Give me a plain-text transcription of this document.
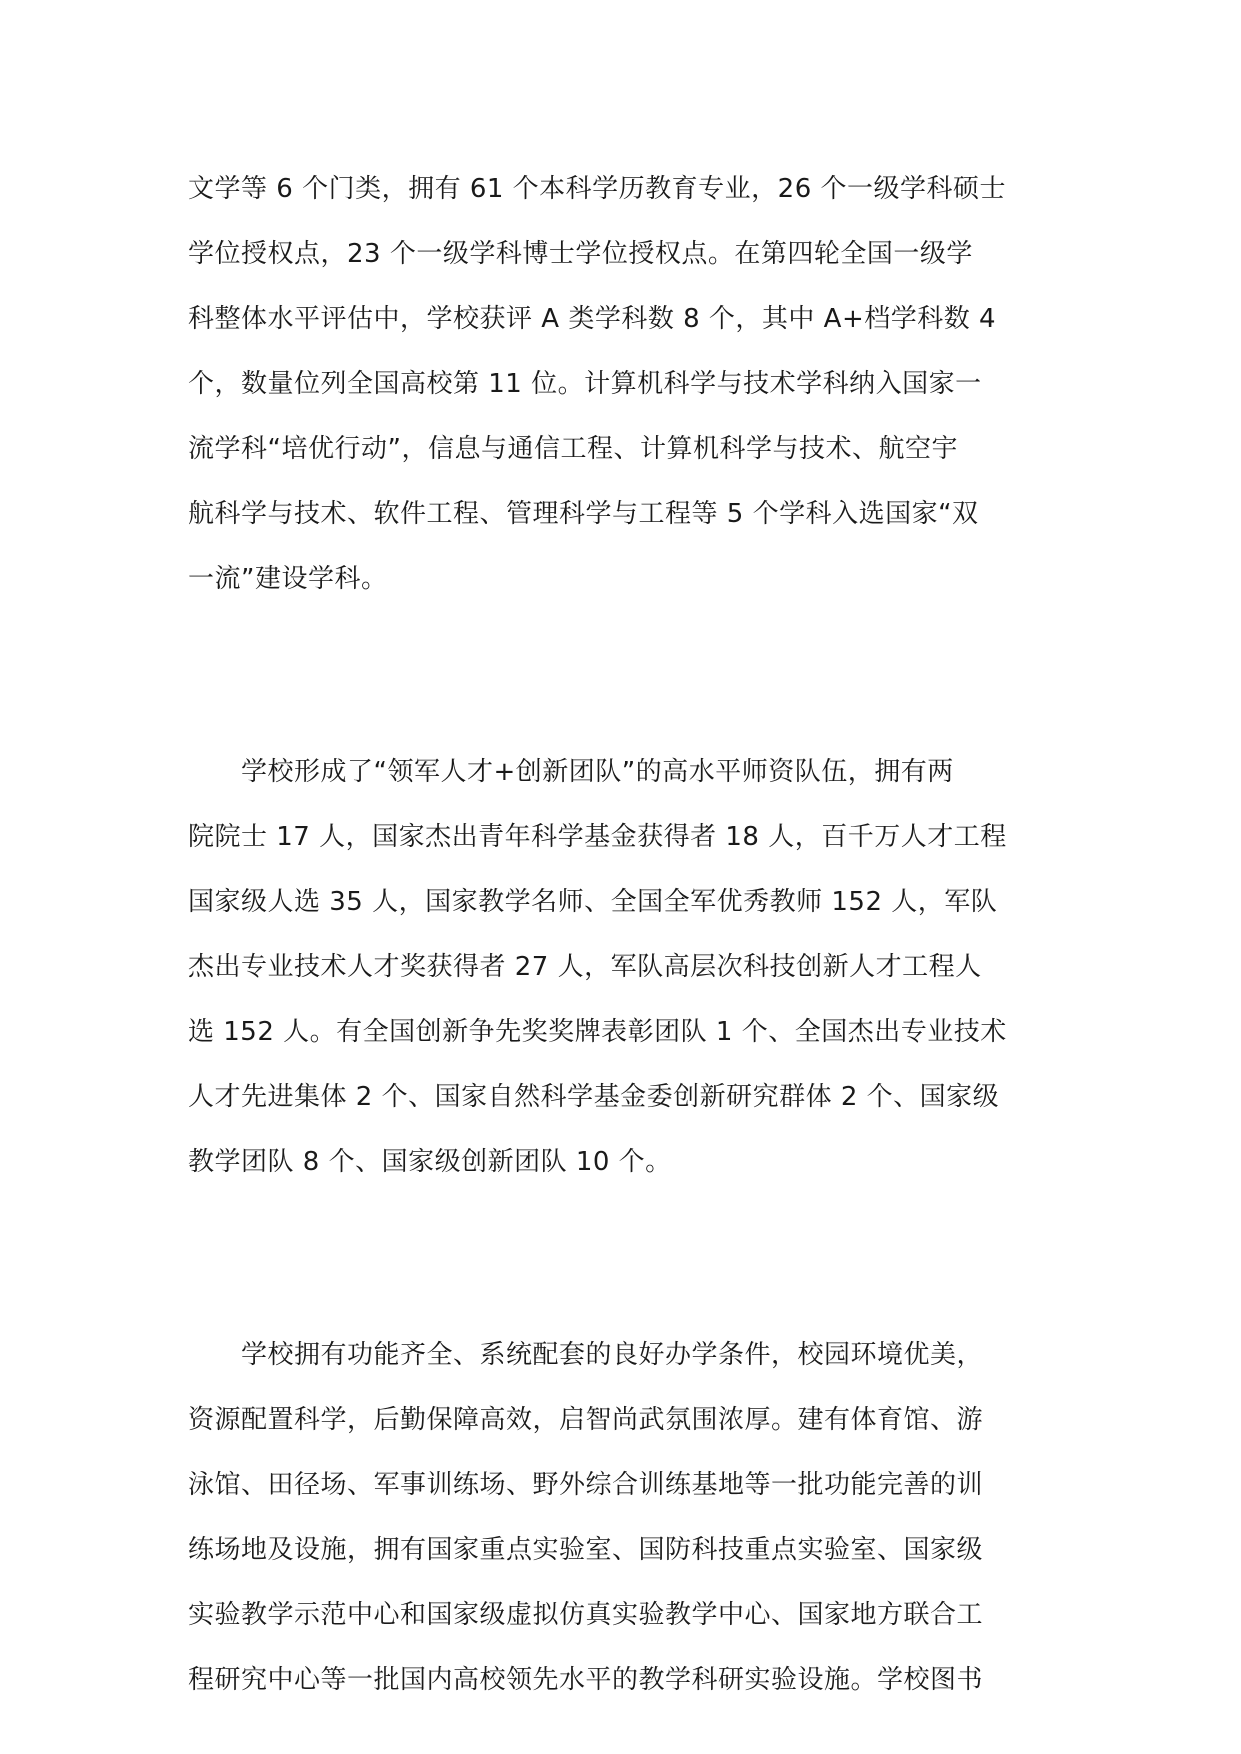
文学等 6 个门类，拥有 61 个本科学历教育专业，26 个一级学科硕士
学位授权点，23 个一级学科博士学位授权点。在第四轮全国一级学
科整体水平评估中，学校获评 A 类学科数 8 个，其中 A+档学科数 4
个，数量位列全国高校第 11 位。计算机科学与技术学科纳入国家一
流学科“培优行动”，信息与通信工程、计算机科学与技术、航空宇
航科学与技术、软件工程、管理科学与工程等 5 个学科入选国家“双
一流”建设学科。
　　学校形成了“领军人才+创新团队”的高水平师资队伍，拥有两
院院士 17 人，国家杰出青年科学基金获得者 18 人，百千万人才工程
国家级人选 35 人，国家教学名师、全国全军优秀教师 152 人，军队
杰出专业技术人才奖获得者 27 人，军队高层次科技创新人才工程人
选 152 人。有全国创新争先奖奖牌表彰团队 1 个、全国杰出专业技术
人才先进集体 2 个、国家自然科学基金委创新研究群体 2 个、国家级
教学团队 8 个、国家级创新团队 10 个。
　　学校拥有功能齐全、系统配套的良好办学条件，校园环境优美，
资源配置科学，后勤保障高效，启智尚武氛围浓厚。建有体育馆、游
泳馆、田径场、军事训练场、野外综合训练基地等一批功能完善的训
练场地及设施，拥有国家重点实验室、国防科技重点实验室、国家级
实验教学示范中心和国家级虚拟仿真实验教学中心、国家地方联合工
程研究中心等一批国内高校领先水平的教学科研实验设施。学校图书
